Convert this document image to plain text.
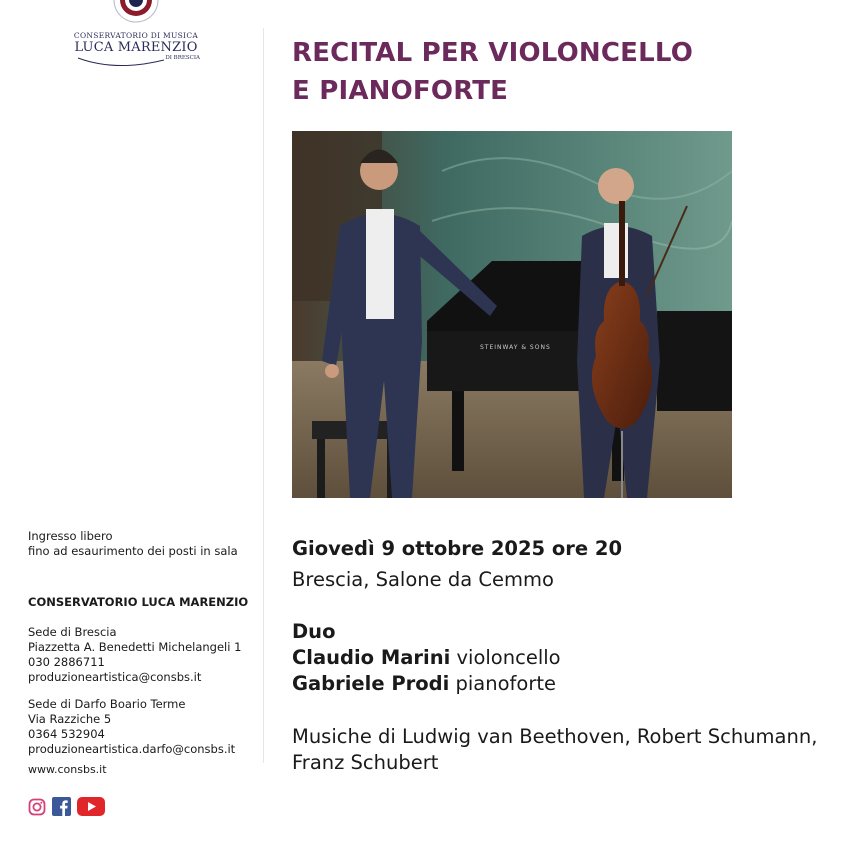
CONSERVATORIO DI MUSICA
LUCA MARENZIO
DI BRESCIA	RECITAL PER VIOLONCELLO
E PIANOFORTE
STEINWAY & SONS
Ingresso libero
fino ad esaurimento dei posti in sala
CONSERVATORIO LUCA MARENZIO
Sede di Brescia
Piazzetta A. Benedetti Michelangeli 1
030 2886711
produzioneartistica@consbs.it
Sede di Darfo Boario Terme
Via Razziche 5
0364 532904
produzioneartistica.darfo@consbs.it
www.consbs.it
Giovedì 9 ottobre 2025 ore 20
Brescia, Salone da Cemmo
Duo
Claudio Marini violoncello
Gabriele Prodi pianoforte
Musiche di Ludwig van Beethoven, Robert Schumann,
Franz Schubert
